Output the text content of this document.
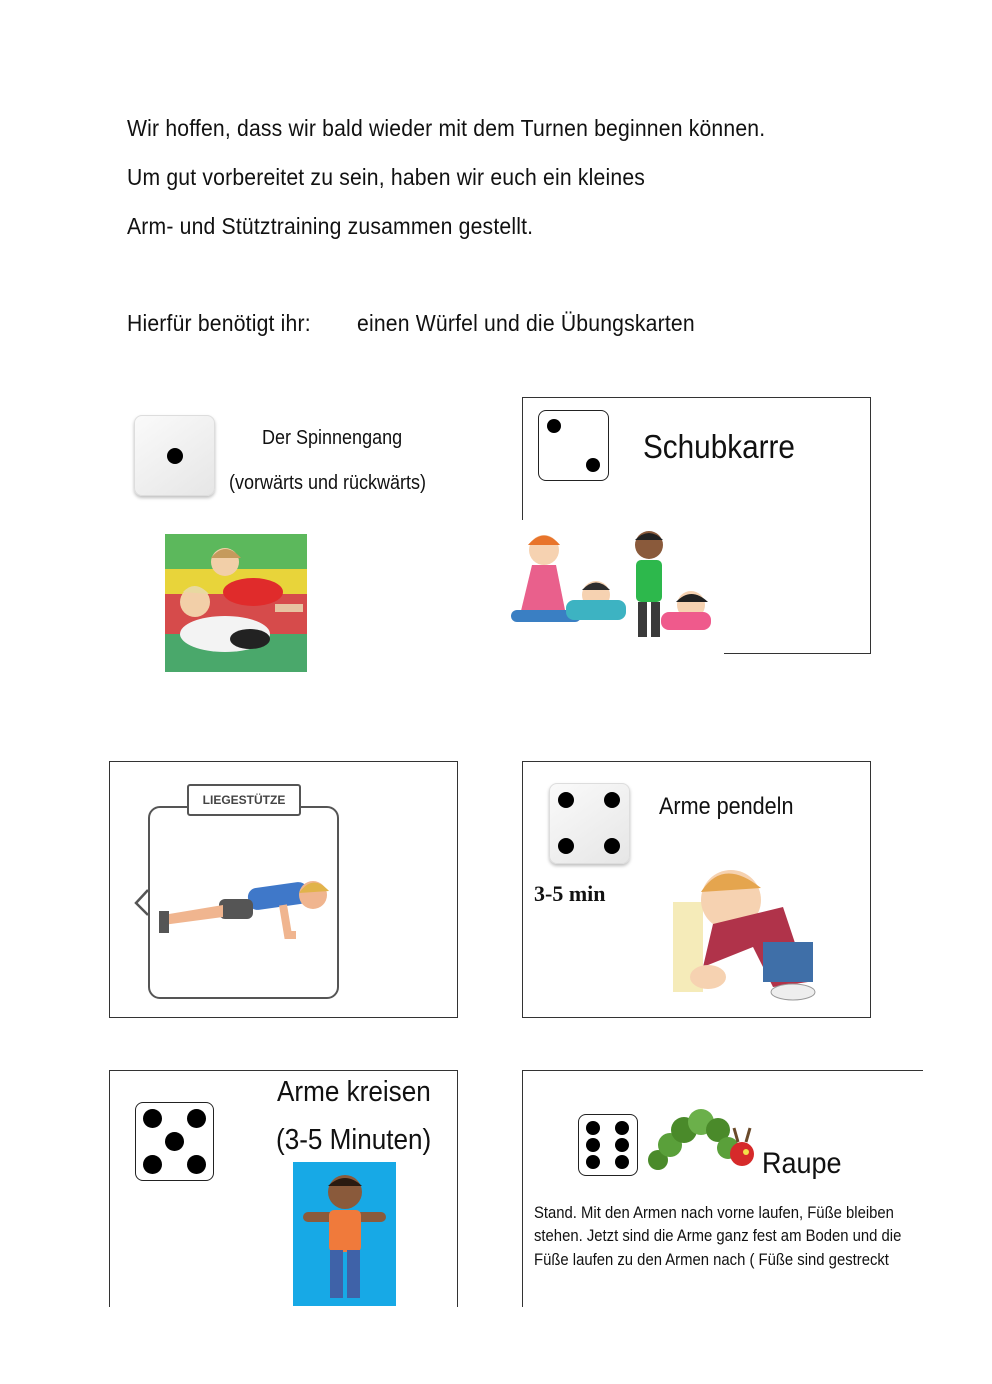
Wir hoffen, dass wir bald wieder mit dem Turnen beginnen können.
Um gut vorbereitet zu sein, haben wir euch ein kleines
Arm- und Stütztraining zusammen gestellt.
Hierfür benötigt ihr: einen Würfel und die Übungskarten
Der Spinnengang
(vorwärts und rückwärts)
Schubkarre
LIEGESTÜTZE	Arme pendeln
3-5 min
Arme kreisen
(3-5 Minuten)
Raupe
Stand. Mit den Armen nach vorne laufen, Füße bleiben
stehen. Jetzt sind die Arme ganz fest am Boden und die
Füße laufen zu den Armen nach ( Füße sind gestreckt
